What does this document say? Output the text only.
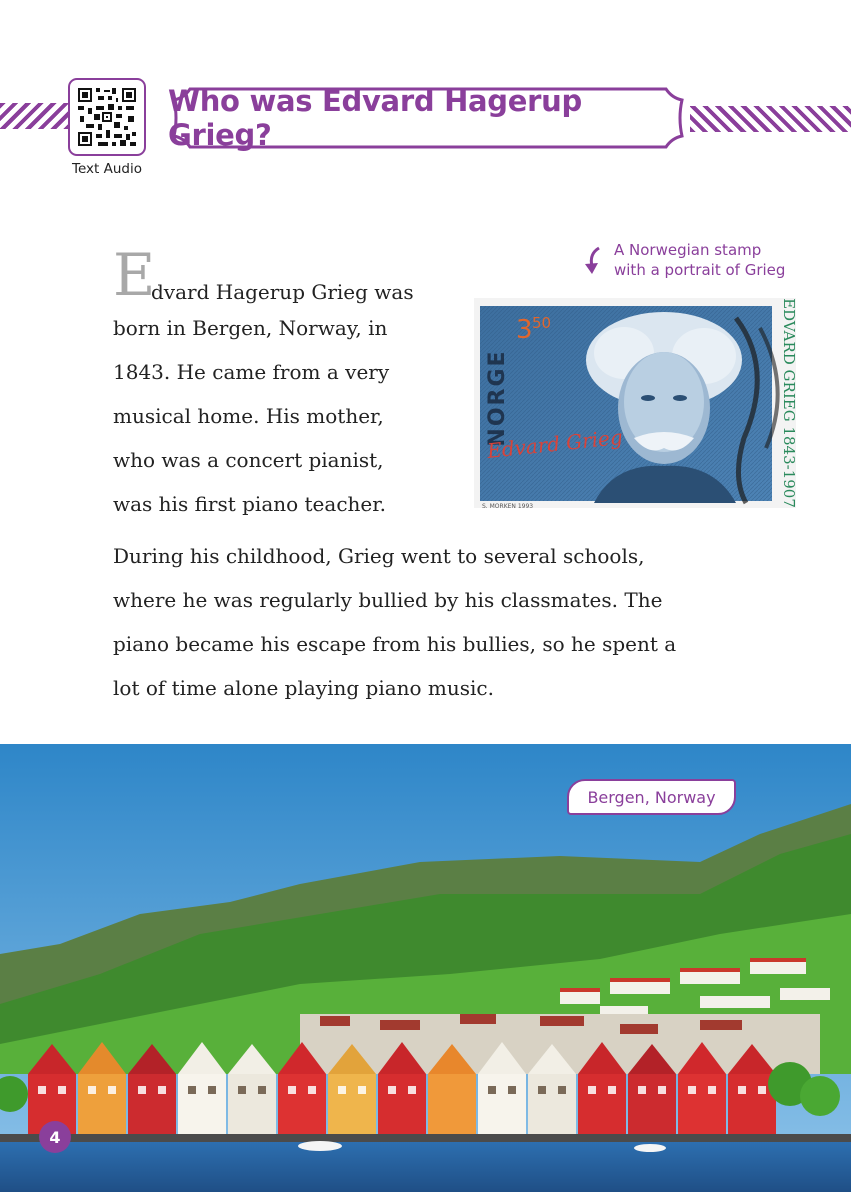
Text Audio
Who was Edvard Hagerup Grieg?
E
dvard Hagerup Grieg was
born in Bergen, Norway, in
1843. He came from a very
musical home. His mother,
who was a concert pianist,
was his first piano teacher.
During his childhood, Grieg went to several schools,
where he was regularly bullied by his classmates. The
piano became his escape from his bullies, so he spent a
lot of time alone playing piano music.
A Norwegian stamp
with a portrait of Grieg
NORGE
3 50	EDVARD GRIEG 1843-1907
Edvard Grieg
S. MORKEN 1993
Bergen, Norway
4
